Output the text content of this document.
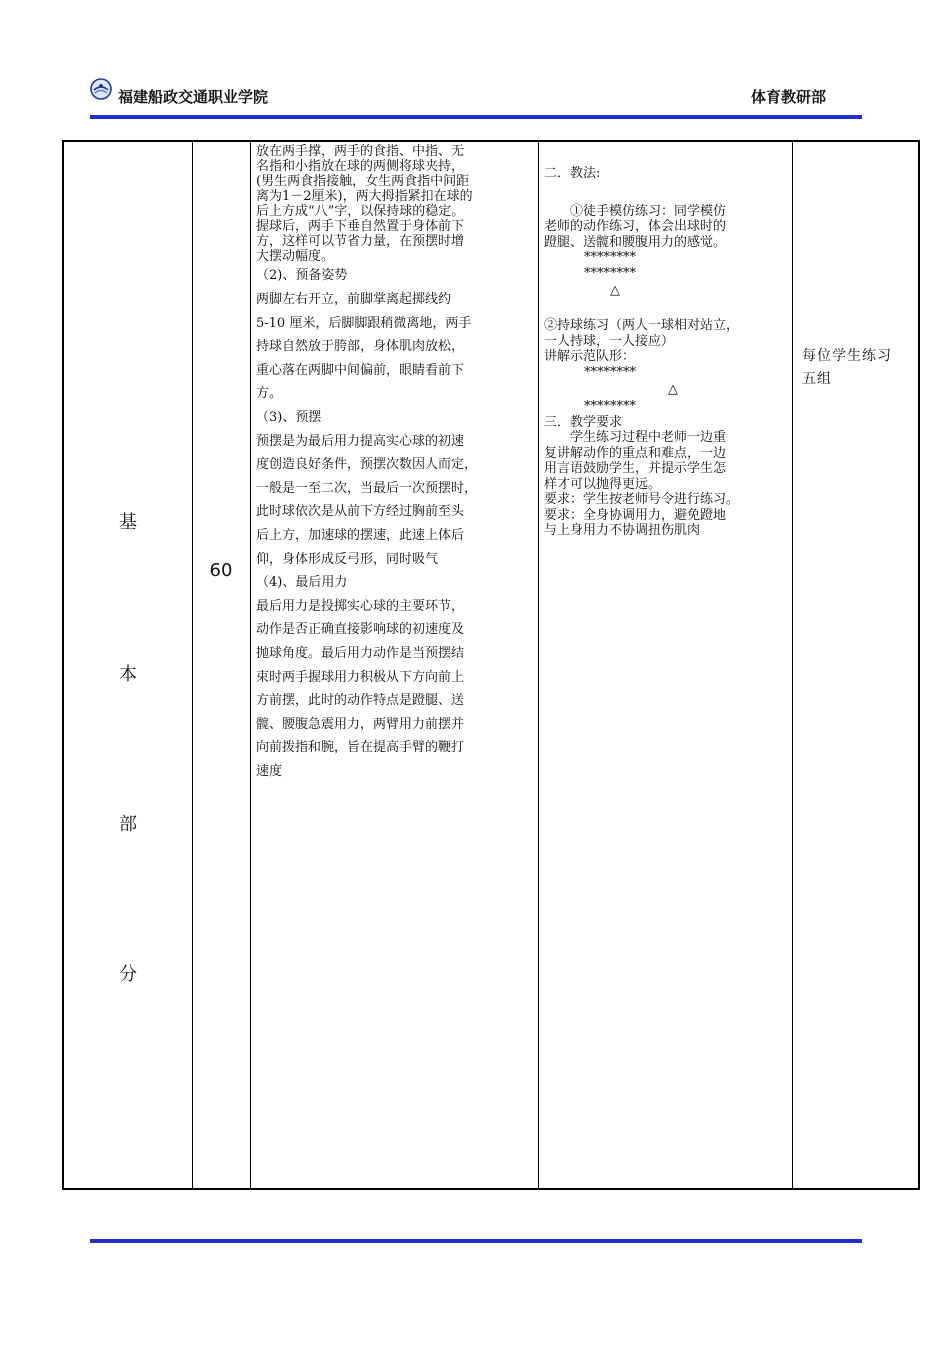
福建船政交通职业学院	体育教研部
基
本
部
分
60

放在两手撑，两手的食指、中指、无

名指和小指放在球的两侧将球夹持，

(男生两食指接触，女生两食指中间距

离为1－2厘米)，两大拇指紧扣在球的

后上方成“八”字，以保持球的稳定。

握球后，两手下垂自然置于身体前下

方，这样可以节省力量，在预摆时增

大摆动幅度。

（2)、预备姿势

两脚左右开立，前脚掌离起掷线约

5-10 厘米，后脚脚跟稍微离地，两手

持球自然放于胯部，身体肌肉放松，

重心落在两脚中间偏前，眼睛看前下

方。

（3)、预摆

预摆是为最后用力提高实心球的初速

度创造良好条件，预摆次数因人而定，

一般是一至二次，当最后一次预摆时，

此时球依次是从前下方经过胸前至头

后上方，加速球的摆速，此速上体后

仰，身体形成反弓形，同时吸气

（4)、最后用力

最后用力是投掷实心球的主要环节，

动作是否正确直接影响球的初速度及

抛球角度。最后用力动作是当预摆结

束时两手握球用力积极从下方向前上

方前摆，此时的动作特点是蹬腿、送

髋、腰腹急震用力，两臂用力前摆并

向前拨指和腕，旨在提高手臂的鞭打

速度

二．教法:

①徒手模仿练习：同学模仿

老师的动作练习，体会出球时的

蹬腿、送髋和腰腹用力的感觉。

********

********

△

②持球练习（两人一球相对站立，

一人持球，一人接应）

讲解示范队形：

********

△

********

三．教学要求

学生练习过程中老师一边重

复讲解动作的重点和难点，一边

用言语鼓励学生，并提示学生怎

样才可以抛得更远。

要求：学生按老师号令进行练习。

要求：全身协调用力，避免蹬地

与上身用力不协调扭伤肌肉

每位学生练习
五组
